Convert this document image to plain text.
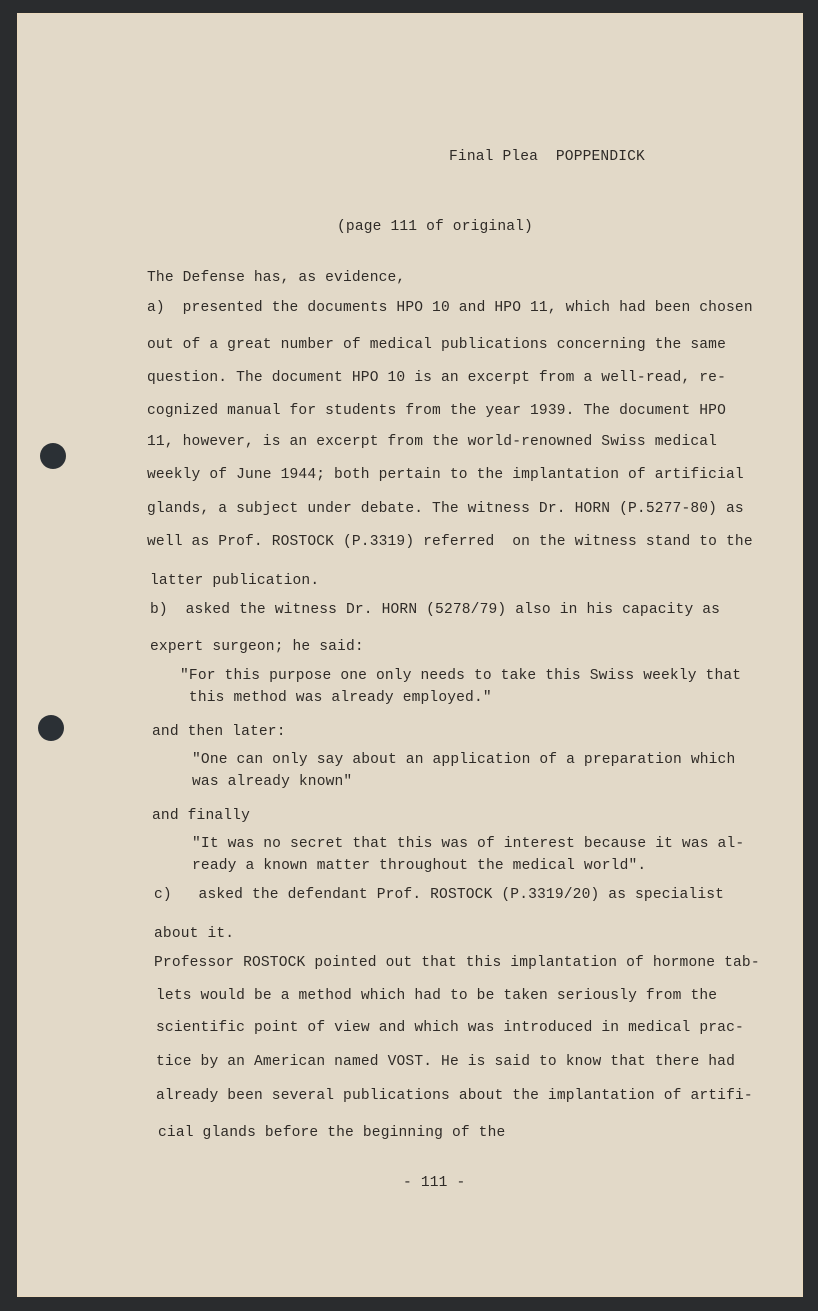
Final Plea  POPPENDICK
(page 111 of original)
The Defense has, as evidence,
a)  presented the documents HPO 10 and HPO 11, which had been chosen
out of a great number of medical publications concerning the same
question. The document HPO 10 is an excerpt from a well-read, re-
cognized manual for students from the year 1939. The document HPO
11, however, is an excerpt from the world-renowned Swiss medical
weekly of June 1944; both pertain to the implantation of artificial
glands, a subject under debate. The witness Dr. HORN (P.5277-80) as
well as Prof. ROSTOCK (P.3319) referred  on the witness stand to the
latter publication.
b)  asked the witness Dr. HORN (5278/79) also in his capacity as
expert surgeon; he said:
"For this purpose one only needs to take this Swiss weekly that
this method was already employed."
and then later:
"One can only say about an application of a preparation which
was already known"
and finally
"It was no secret that this was of interest because it was al-
ready a known matter throughout the medical world".
c)   asked the defendant Prof. ROSTOCK (P.3319/20) as specialist
about it.
Professor ROSTOCK pointed out that this implantation of hormone tab-
lets would be a method which had to be taken seriously from the
scientific point of view and which was introduced in medical prac-
tice by an American named VOST. He is said to know that there had
already been several publications about the implantation of artifi-
cial glands before the beginning of the
- 111 -
